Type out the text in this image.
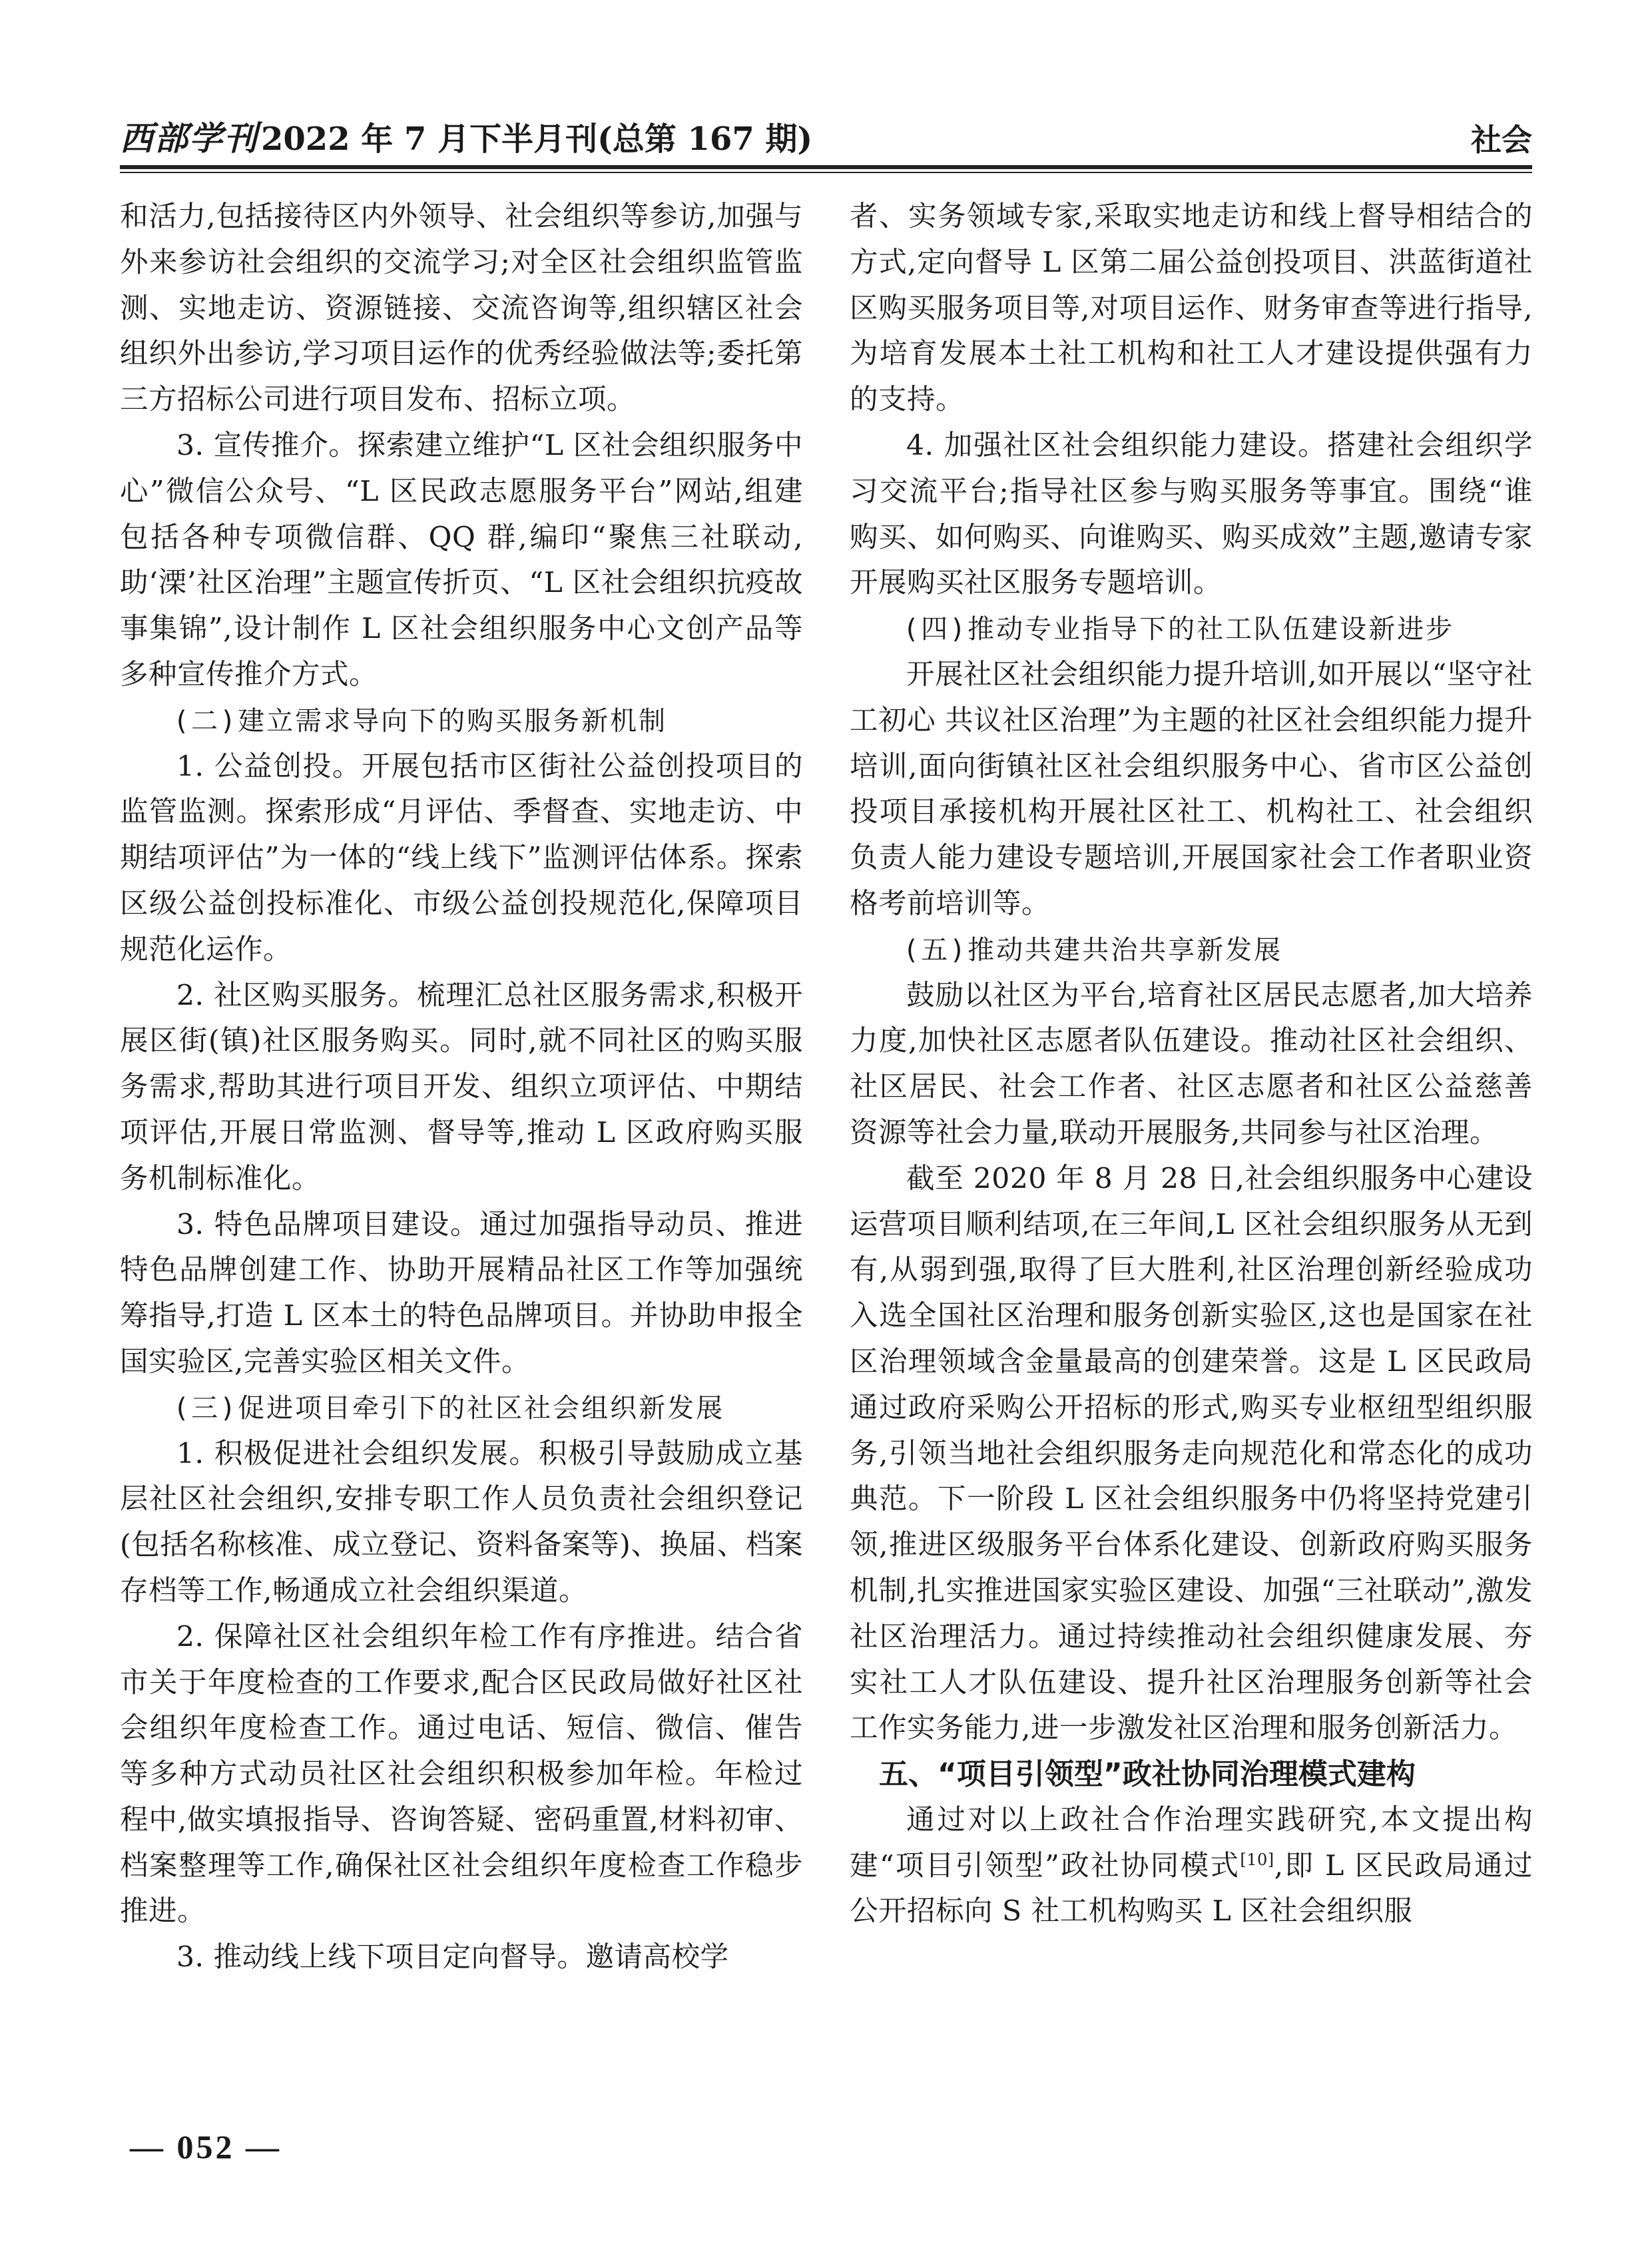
西部学刊2022 年 7 月下半月刊(总第 167 期)	社会

和活力,包括接待区内外领导、社会组织等参访,加强与外来参访社会组织的交流学习;对全区社会组织监管监测、实地走访、资源链接、交流咨询等,组织辖区社会组织外出参访,学习项目运作的优秀经验做法等;委托第三方招标公司进行项目发布、招标立项。

3. 宣传推介。探索建立维护“L 区社会组织服务中心”微信公众号、“L 区民政志愿服务平台”网站,组建包括各种专项微信群、QQ 群,编印“聚焦三社联动,助‘溧’社区治理”主题宣传折页、“L 区社会组织抗疫故事集锦”,设计制作 L 区社会组织服务中心文创产品等多种宣传推介方式。

(二)建立需求导向下的购买服务新机制

1. 公益创投。开展包括市区街社公益创投项目的监管监测。探索形成“月评估、季督查、实地走访、中期结项评估”为一体的“线上线下”监测评估体系。探索区级公益创投标准化、市级公益创投规范化,保障项目规范化运作。

2. 社区购买服务。梳理汇总社区服务需求,积极开展区街(镇)社区服务购买。同时,就不同社区的购买服务需求,帮助其进行项目开发、组织立项评估、中期结项评估,开展日常监测、督导等,推动 L 区政府购买服务机制标准化。

3. 特色品牌项目建设。通过加强指导动员、推进特色品牌创建工作、协助开展精品社区工作等加强统筹指导,打造 L 区本土的特色品牌项目。并协助申报全国实验区,完善实验区相关文件。

(三)促进项目牵引下的社区社会组织新发展

1. 积极促进社会组织发展。积极引导鼓励成立基层社区社会组织,安排专职工作人员负责社会组织登记(包括名称核准、成立登记、资料备案等)、换届、档案存档等工作,畅通成立社会组织渠道。

2. 保障社区社会组织年检工作有序推进。结合省市关于年度检查的工作要求,配合区民政局做好社区社会组织年度检查工作。通过电话、短信、微信、催告等多种方式动员社区社会组织积极参加年检。年检过程中,做实填报指导、咨询答疑、密码重置,材料初审、档案整理等工作,确保社区社会组织年度检查工作稳步推进。

3. 推动线上线下项目定向督导。邀请高校学

者、实务领域专家,采取实地走访和线上督导相结合的方式,定向督导 L 区第二届公益创投项目、洪蓝街道社区购买服务项目等,对项目运作、财务审查等进行指导,为培育发展本土社工机构和社工人才建设提供强有力的支持。

4. 加强社区社会组织能力建设。搭建社会组织学习交流平台;指导社区参与购买服务等事宜。围绕“谁购买、如何购买、向谁购买、购买成效”主题,邀请专家开展购买社区服务专题培训。

(四)推动专业指导下的社工队伍建设新进步

开展社区社会组织能力提升培训,如开展以“坚守社工初心 共议社区治理”为主题的社区社会组织能力提升培训,面向街镇社区社会组织服务中心、省市区公益创投项目承接机构开展社区社工、机构社工、社会组织负责人能力建设专题培训,开展国家社会工作者职业资格考前培训等。

(五)推动共建共治共享新发展

鼓励以社区为平台,培育社区居民志愿者,加大培养力度,加快社区志愿者队伍建设。推动社区社会组织、社区居民、社会工作者、社区志愿者和社区公益慈善资源等社会力量,联动开展服务,共同参与社区治理。

截至 2020 年 8 月 28 日,社会组织服务中心建设运营项目顺利结项,在三年间,L 区社会组织服务从无到有,从弱到强,取得了巨大胜利,社区治理创新经验成功入选全国社区治理和服务创新实验区,这也是国家在社区治理领域含金量最高的创建荣誉。这是 L 区民政局通过政府采购公开招标的形式,购买专业枢纽型组织服务,引领当地社会组织服务走向规范化和常态化的成功典范。下一阶段 L 区社会组织服务中仍将坚持党建引领,推进区级服务平台体系化建设、创新政府购买服务机制,扎实推进国家实验区建设、加强“三社联动”,激发社区治理活力。通过持续推动社会组织健康发展、夯实社工人才队伍建设、提升社区治理服务创新等社会工作实务能力,进一步激发社区治理和服务创新活力。

五、“项目引领型”政社协同治理模式建构

通过对以上政社合作治理实践研究,本文提出构建“项目引领型”政社协同模式[10],即 L 区民政局通过公开招标向 S 社工机构购买 L 区社会组织服

— 052 —
